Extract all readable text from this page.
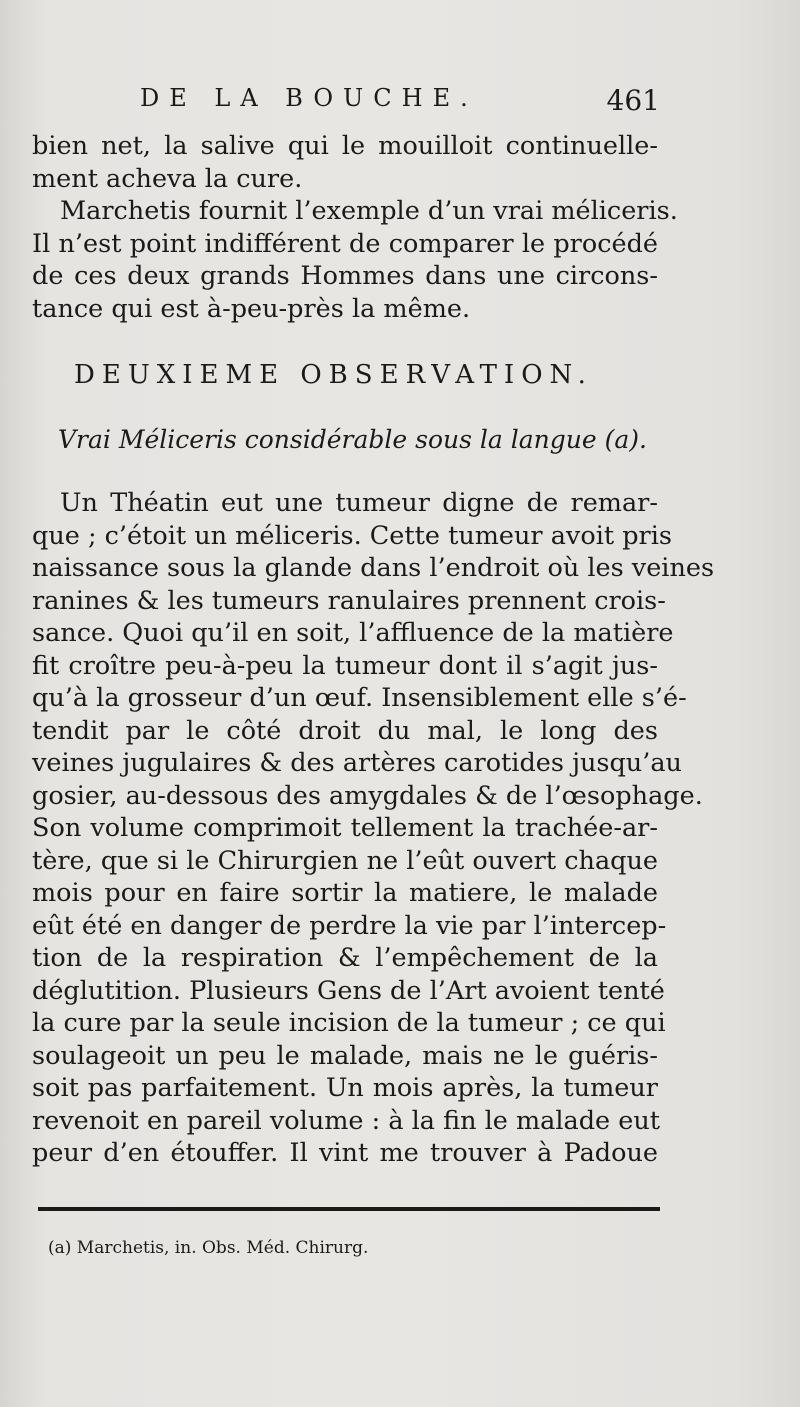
DE LA BOUCHE.	461
bien net, la salive qui le mouilloit continuelle-
ment acheva la cure.
Marchetis fournit l’exemple d’un vrai méliceris.
Il n’est point indifférent de comparer le procédé
de ces deux grands Hommes dans une circons-
tance qui est à-peu-près la même.
DEUXIEME OBSERVATION.
Vrai Méliceris considérable sous la langue (a).
Un Théatin eut une tumeur digne de remar-
que ; c’étoit un méliceris. Cette tumeur avoit pris
naissance sous la glande dans l’endroit où les veines
ranines & les tumeurs ranulaires prennent crois-
sance. Quoi qu’il en soit, l’affluence de la matière
fit croître peu-à-peu la tumeur dont il s’agit jus-
qu’à la grosseur d’un œuf. Insensiblement elle s’é-
tendit par le côté droit du mal, le long des
veines jugulaires & des artères carotides jusqu’au
gosier, au-dessous des amygdales & de l’œsophage.
Son volume comprimoit tellement la trachée-ar-
tère, que si le Chirurgien ne l’eût ouvert chaque
mois pour en faire sortir la matiere, le malade
eût été en danger de perdre la vie par l’intercep-
tion de la respiration & l’empêchement de la
déglutition. Plusieurs Gens de l’Art avoient tenté
la cure par la seule incision de la tumeur ; ce qui
soulageoit un peu le malade, mais ne le guéris-
soit pas parfaitement. Un mois après, la tumeur
revenoit en pareil volume : à la fin le malade eut
peur d’en étouffer. Il vint me trouver à Padoue
(a) Marchetis, in. Obs. Méd. Chirurg.
